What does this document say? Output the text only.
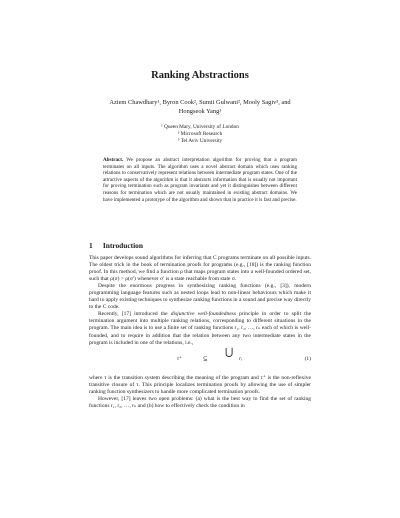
Ranking Abstractions
Aziem Chawdhary¹, Byron Cook², Sumit Gulwani², Mooly Sagiv³, and
Hongseok Yang¹
¹ Queen Mary, University of London
² Microsoft Research
³ Tel Aviv University
Abstract. We propose an abstract interpretation algorithm for proving that a program terminates on all inputs. The algorithm uses a novel abstract domain which uses ranking relations to conservatively represent relations between intermediate program states. One of the attractive aspects of the algorithm is that it abstracts information that is usually not important for proving termination such as program invariants and yet it distinguishes between different reasons for termination which are not usually maintained in existing abstract domains. We have implemented a prototype of the algorithm and shown that in practice it is fast and precise.
1 Introduction

This paper develops sound algorithms for inferring that C programs terminate on all possible inputs. The oldest trick in the book of termination proofs for programs (e.g., [18]) is the ranking function proof. In this method, we find a function ρ that maps program states into a well-founded ordered set, such that ρ(σ) > ρ(σ′) whenever σ′ is a state reachable from state σ.

Despite the enormous progress in synthesizing ranking functions (e.g., [3]), modern programming language features such as nested loops lead to non-linear behaviours which make it hard to apply existing techniques to synthesize ranking functions in a sound and precise way directly to the C code.

Recently, [17] introduced the disjunctive well-foundedness principle in order to split the termination argument into multiple ranking relations, corresponding to different situations in the program. The main idea is to use a finite set of ranking functions r₁, r₂, …, rₙ each of which is well-founded, and to require in addition that the relation between any two intermediate states in the program is included in one of the relations, i.e.,

τ⁺	⊆
⋃
rᵢ	(1)

where τ is the transition system describing the meaning of the program and τ⁺ is the non-reflexive transitive closure of τ. This principle localizes termination proofs by allowing the use of simpler ranking function synthesizers to handle more complicated termination proofs.

However, [17] leaves two open problems: (a) what is the best way to find the set of ranking functions r₁, r₂, …, rₙ and (b) how to effectively check the condition in
